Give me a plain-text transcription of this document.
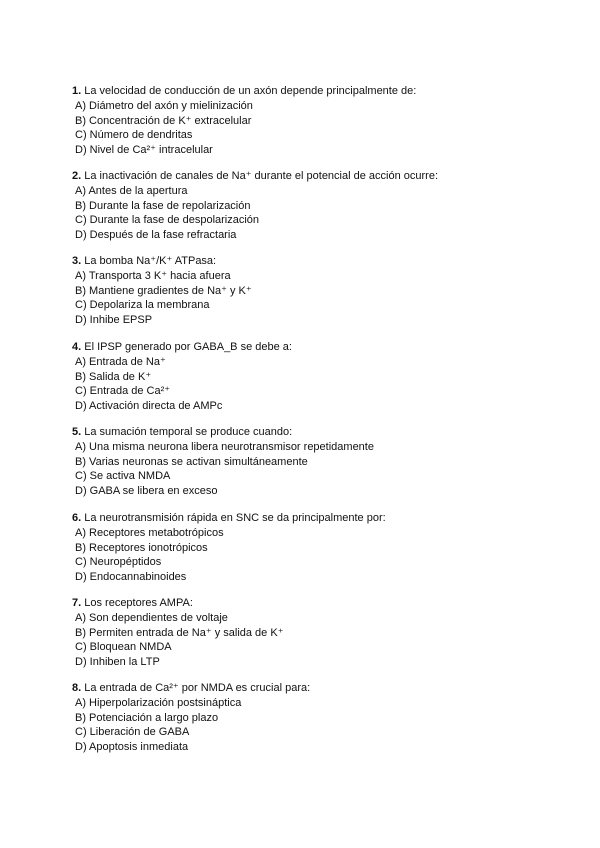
1. La velocidad de conducción de un axón depende principalmente de:
A) Diámetro del axón y mielinización
B) Concentración de K⁺ extracelular
C) Número de dendritas
D) Nivel de Ca²⁺ intracelular
2. La inactivación de canales de Na⁺ durante el potencial de acción ocurre:
A) Antes de la apertura
B) Durante la fase de repolarización
C) Durante la fase de despolarización
D) Después de la fase refractaria
3. La bomba Na⁺/K⁺ ATPasa:
A) Transporta 3 K⁺ hacia afuera
B) Mantiene gradientes de Na⁺ y K⁺
C) Depolariza la membrana
D) Inhibe EPSP
4. El IPSP generado por GABA_B se debe a:
A) Entrada de Na⁺
B) Salida de K⁺
C) Entrada de Ca²⁺
D) Activación directa de AMPc
5. La sumación temporal se produce cuando:
A) Una misma neurona libera neurotransmisor repetidamente
B) Varias neuronas se activan simultáneamente
C) Se activa NMDA
D) GABA se libera en exceso
6. La neurotransmisión rápida en SNC se da principalmente por:
A) Receptores metabotrópicos
B) Receptores ionotrópicos
C) Neuropéptidos
D) Endocannabinoides
7. Los receptores AMPA:
A) Son dependientes de voltaje
B) Permiten entrada de Na⁺ y salida de K⁺
C) Bloquean NMDA
D) Inhiben la LTP
8. La entrada de Ca²⁺ por NMDA es crucial para:
A) Hiperpolarización postsináptica
B) Potenciación a largo plazo
C) Liberación de GABA
D) Apoptosis inmediata
